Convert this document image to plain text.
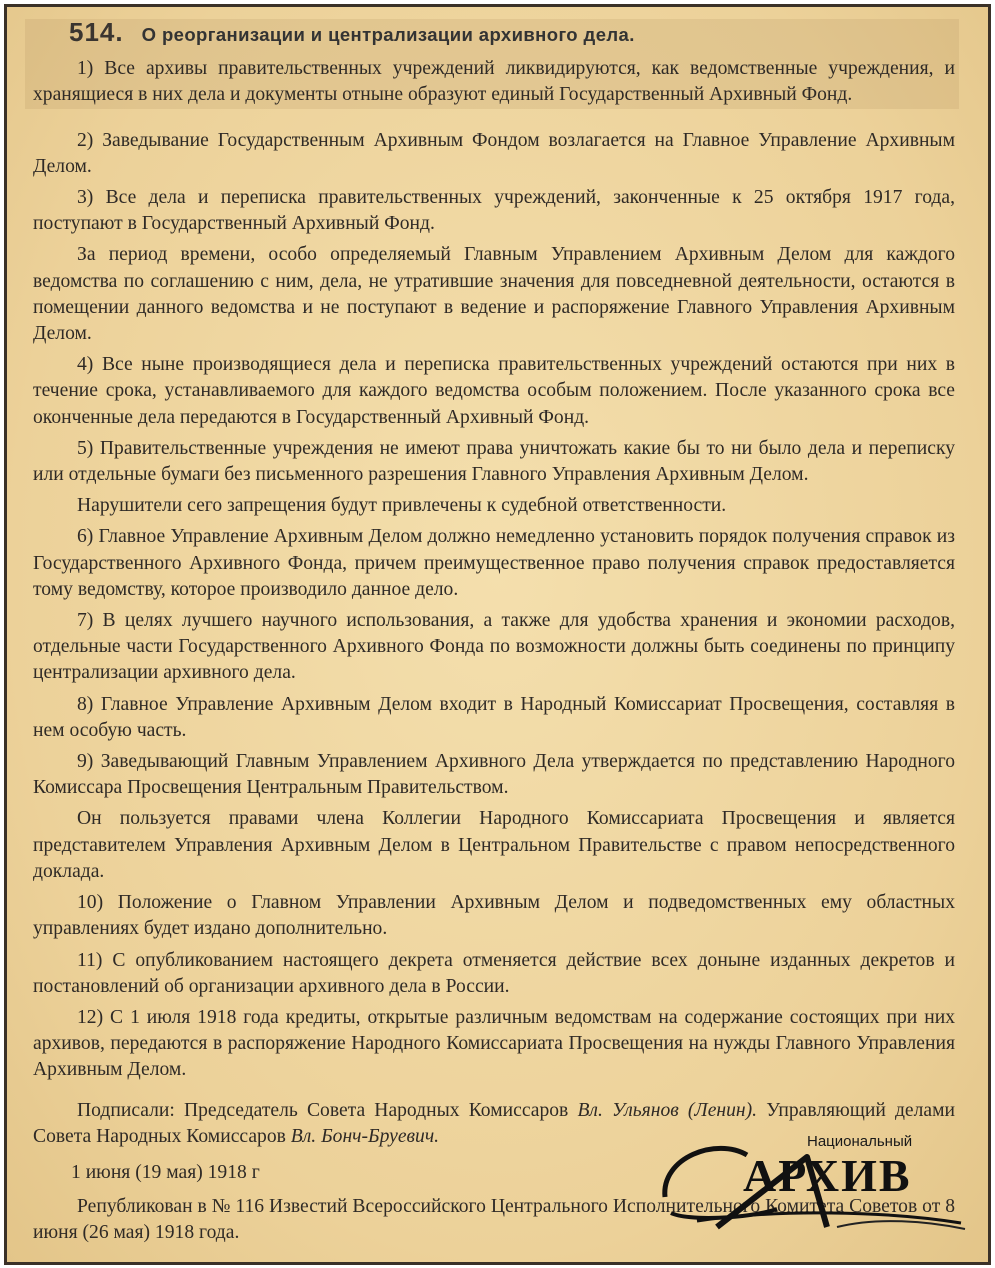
514. О реорганизации и централизации архивного дела.

1) Все архивы правительственных учреждений ликвидируются, как ведомственные учреждения, и хранящиеся в них дела и документы отныне образуют единый Государственный Архивный Фонд.

2) Заведывание Государственным Архивным Фондом возлагается на Главное Управление Архивным Делом.

3) Все дела и переписка правительственных учреждений, законченные к 25 октября 1917 года, поступают в Государственный Архивный Фонд.

За период времени, особо определяемый Главным Управлением Архивным Делом для каждого ведомства по соглашению с ним, дела, не утратившие значения для повседневной деятельности, остаются в помещении данного ведомства и не поступают в ведение и распоряжение Главного Управления Архивным Делом.

4) Все ныне производящиеся дела и переписка правительственных учреждений остаются при них в течение срока, устанавливаемого для каждого ведомства особым положением. После указанного срока все оконченные дела передаются в Государственный Архивный Фонд.

5) Правительственные учреждения не имеют права уничтожать какие бы то ни было дела и переписку или отдельные бумаги без письменного разрешения Главного Управления Архивным Делом.

Нарушители сего запрещения будут привлечены к судебной ответственности.

6) Главное Управление Архивным Делом должно немедленно установить порядок получения справок из Государственного Архивного Фонда, причем преимущественное право получения справок предоставляется тому ведомству, которое производило данное дело.

7) В целях лучшего научного использования, а также для удобства хранения и экономии расходов, отдельные части Государственного Архивного Фонда по возможности должны быть соединены по принципу централизации архивного дела.

8) Главное Управление Архивным Делом входит в Народный Комиссариат Просвещения, составляя в нем особую часть.

9) Заведывающий Главным Управлением Архивного Дела утверждается по представлению Народного Комиссара Просвещения Центральным Правительством.

Он пользуется правами члена Коллегии Народного Комиссариата Просвещения и является представителем Управления Архивным Делом в Центральном Правительстве с правом непосредственного доклада.

10) Положение о Главном Управлении Архивным Делом и подведомственных ему областных управлениях будет издано дополнительно.

11) С опубликованием настоящего декрета отменяется действие всех доныне изданных декретов и постановлений об организации архивного дела в России.

12) С 1 июля 1918 года кредиты, открытые различным ведомствам на содержание состоящих при них архивов, передаются в распоряжение Народного Комиссариата Просвещения на нужды Главного Управления Архивным Делом.

Подписали: Председатель Совета Народных Комиссаров Вл. Ульянов (Ленин). Управляющий делами Совета Народных Комиссаров Вл. Бонч-Бруевич.

1 июня (19 мая) 1918 г

Републикован в № 116 Известий Всероссийского Центрального Исполнительного Комитета Советов от 8 июня (26 мая) 1918 года.

Национальный
АРХИВ
